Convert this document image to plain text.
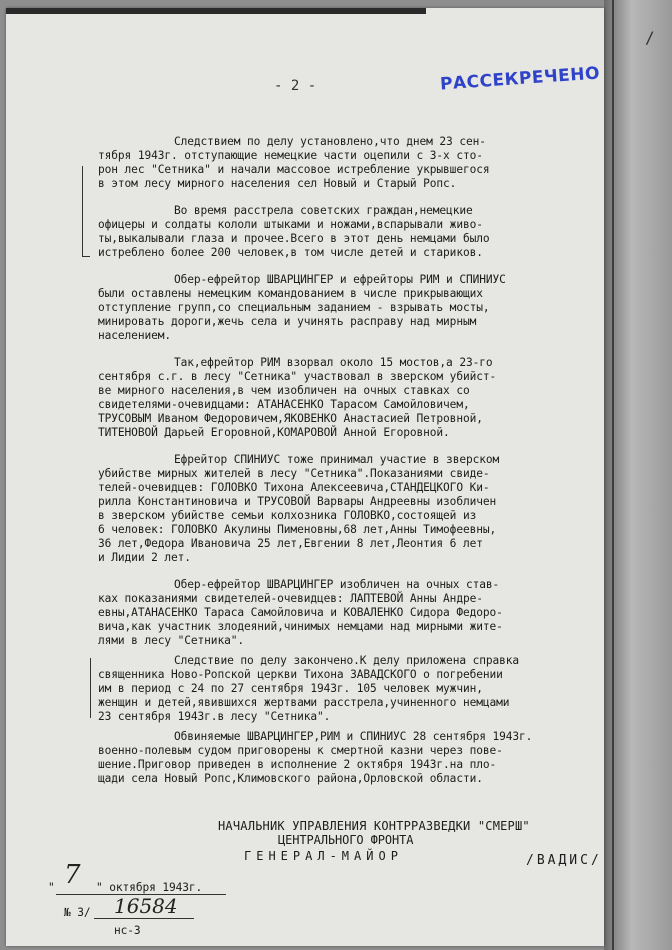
- 2 -	РАССЕКРЕЧЕНО
Следствием по делу установлено,что днем 23 сен-
тября 1943г. отступающие немецкие части оцепили с 3-х сто-
рон лес "Сетника" и начали массовое истребление укрывшегося
в этом лесу мирного населения сел Новый и Старый Ропс.
Во время расстрела советских граждан,немецкие
офицеры и солдаты кололи штыками и ножами,вспарывали живо-
ты,выкалывали глаза и прочее.Всего в этот день немцами было
истреблено более 200 человек,в том числе детей и стариков.
Обер-ефрейтор ШВАРЦИНГЕР и ефрейторы РИМ и СПИНИУС
были оставлены немецким командованием в числе прикрывающих
отступление групп,со специальным заданием - взрывать мосты,
минировать дороги,жечь села и учинять расправу над мирным
населением.
Так,ефрейтор РИМ взорвал около 15 мостов,а 23-го
сентября с.г. в лесу "Сетника" участвовал в зверском убийст-
ве мирного населения,в чем изобличен на очных ставках со
свидетелями-очевидцами: АТАНАСЕНКО Тарасом Самойловичем,
ТРУСОВЫМ Иваном Федоровичем,ЯКОВЕНКО Анастасией Петровной,
ТИТЕНОВОЙ Дарьей Егоровной,КОМАРОВОЙ Анной Егоровной.
Ефрейтор СПИНИУС тоже принимал участие в зверском
убийстве мирных жителей в лесу "Сетника".Показаниями свиде-
телей-очевидцев: ГОЛОВКО Тихона Алексеевича,СТАНДЕЦКОГО Ки-
рилла Константиновича и ТРУСОВОЙ Варвары Андреевны изобличен
в зверском убийстве семьи колхозника ГОЛОВКО,состоящей из
6 человек: ГОЛОВКО Акулины Пименовны,68 лет,Анны Тимофеевны,
36 лет,Федора Ивановича 25 лет,Евгении 8 лет,Леонтия 6 лет
и Лидии 2 лет.
Обер-ефрейтор ШВАРЦИНГЕР изобличен на очных став-
ках показаниями свидетелей-очевидцев: ЛАПТЕВОЙ Анны Андре-
евны,АТАНАСЕНКО Тараса Самойловича и КОВАЛЕНКО Сидора Федоро-
вича,как участник злодеяний,чинимых немцами над мирными жите-
лями в лесу "Сетника".
Следствие по делу закончено.К делу приложена справка
священника Ново-Ропской церкви Тихона ЗАВАДСКОГО о погребении
им в период с 24 по 27 сентября 1943г. 105 человек мужчин,
женщин и детей,явившихся жертвами расстрела,учиненного немцами
23 сентября 1943г.в лесу "Сетника".
Обвиняемые ШВАРЦИНГЕР,РИМ и СПИНИУС 28 сентября 1943г.
военно-полевым судом приговорены к смертной казни через пове-
шение.Приговор приведен в исполнение 2 октября 1943г.на пло-
щади села Новый Ропс,Климовского района,Орловской области.
НАЧАЛЬНИК УПРАВЛЕНИЯ КОНТРРАЗВЕДКИ "СМЕРШ"
ЦЕНТРАЛЬНОГО ФРОНТА
ГЕНЕРАЛ-МАЙОР	/ВАДИС/
" 7 " октября 1943г.
№ 3/ 16584
нс-3
/
